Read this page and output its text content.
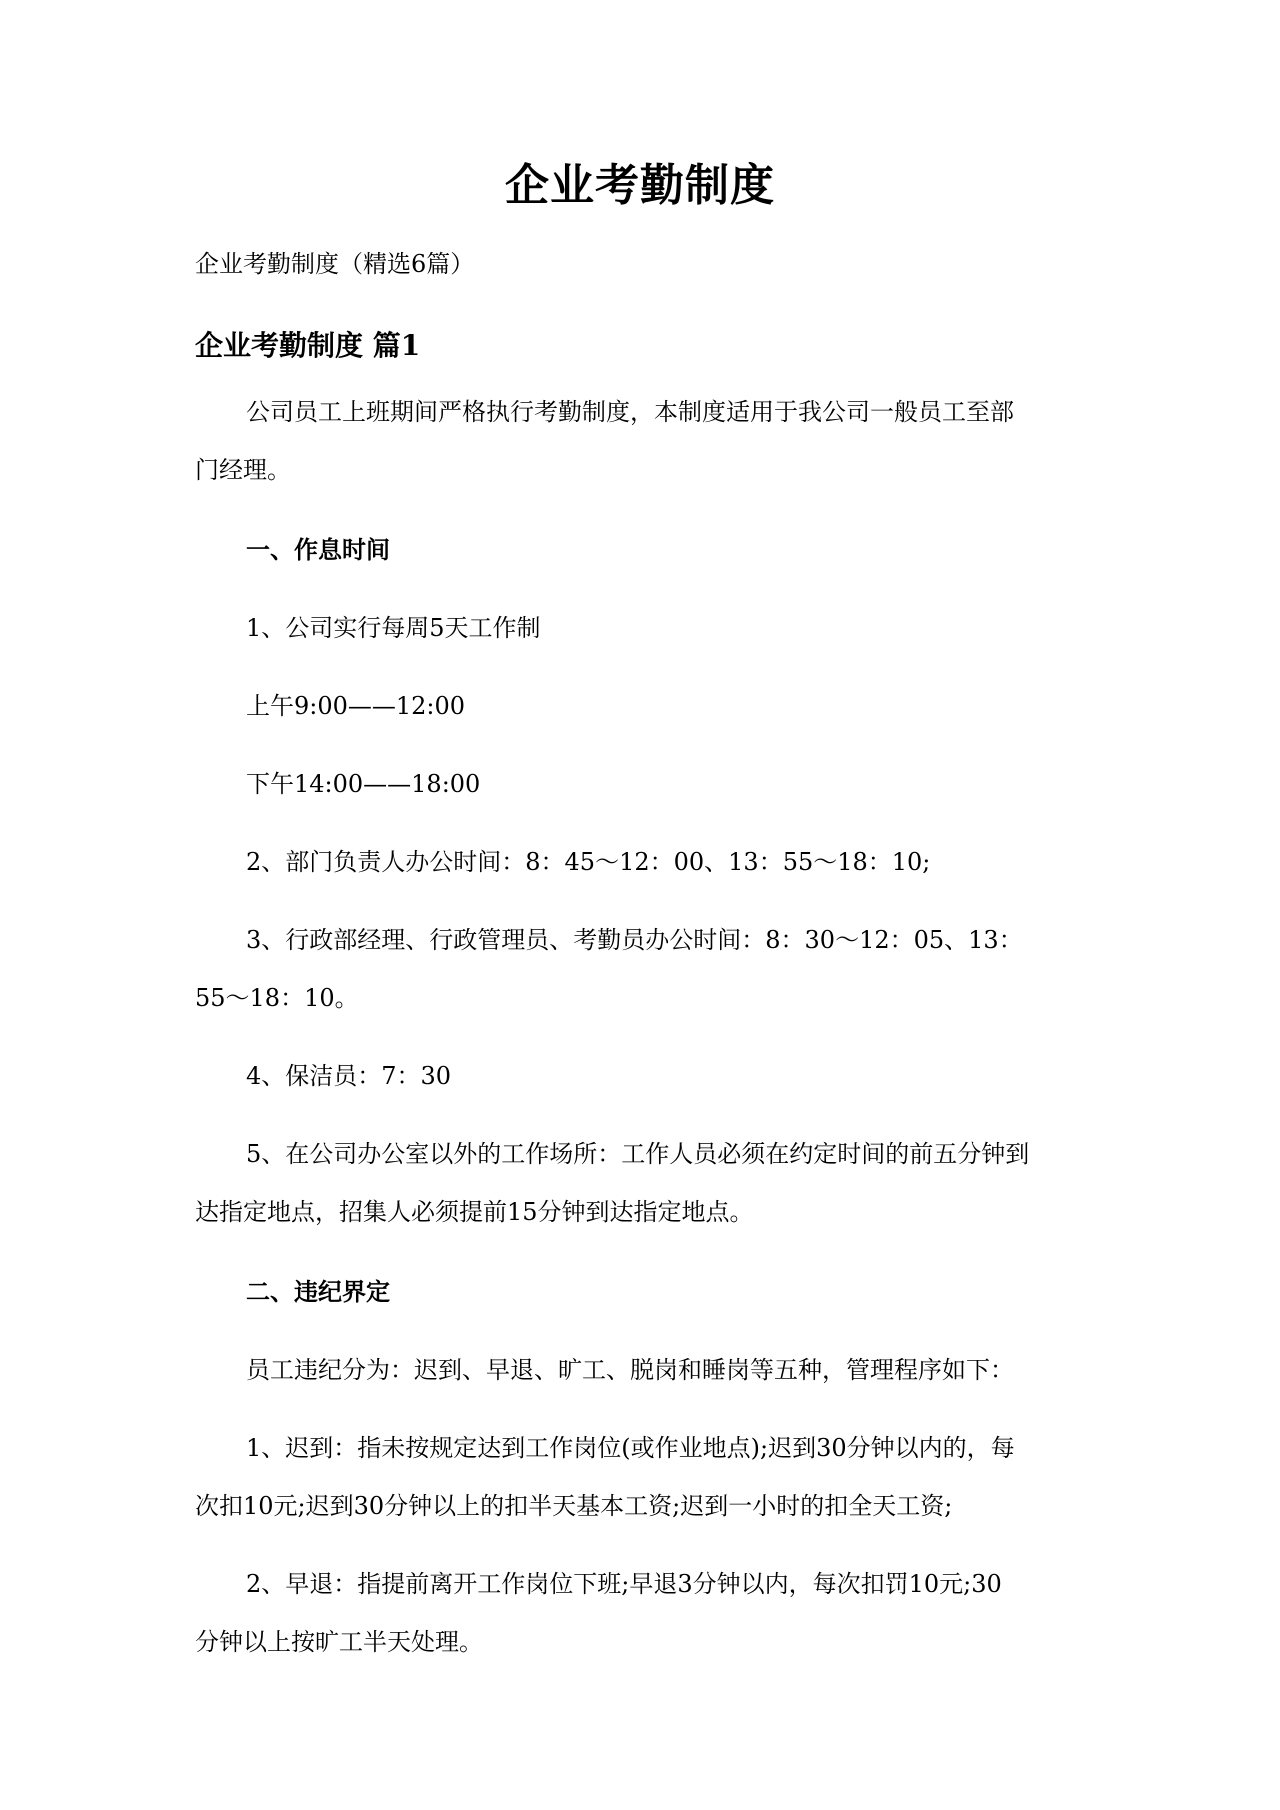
企业考勤制度
企业考勤制度（精选6篇）
企业考勤制度 篇1
公司员工上班期间严格执行考勤制度，本制度适用于我公司一般员工至部
门经理。
一、作息时间
1、公司实行每周5天工作制
上午9:00——12:00
下午14:00——18:00
2、部门负责人办公时间：8：45～12：00、13：55～18：10;
3、行政部经理、行政管理员、考勤员办公时间：8：30～12：05、13：
55～18：10。
4、保洁员：7：30
5、在公司办公室以外的工作场所：工作人员必须在约定时间的前五分钟到
达指定地点，招集人必须提前15分钟到达指定地点。
二、违纪界定
员工违纪分为：迟到、早退、旷工、脱岗和睡岗等五种，管理程序如下：
1、迟到：指未按规定达到工作岗位(或作业地点);迟到30分钟以内的，每
次扣10元;迟到30分钟以上的扣半天基本工资;迟到一小时的扣全天工资;
2、早退：指提前离开工作岗位下班;早退3分钟以内，每次扣罚10元;30
分钟以上按旷工半天处理。
